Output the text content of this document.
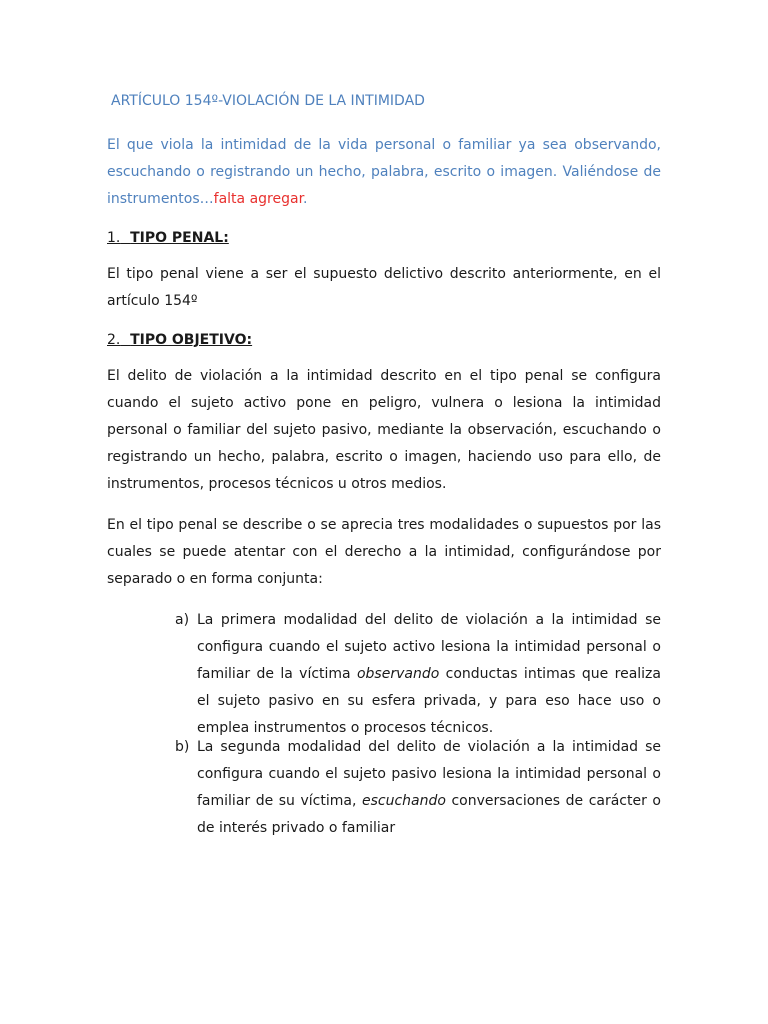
ARTÍCULO 154º-VIOLACIÓN DE LA INTIMIDAD

El que viola la intimidad de la vida personal o familiar ya sea observando, escuchando o registrando un hecho, palabra, escrito o imagen. Valiéndose de instrumentos…falta agregar.

1. TIPO PENAL:

El tipo penal viene a ser el supuesto delictivo descrito anteriormente, en el artículo 154º

2. TIPO OBJETIVO:

El delito de violación a la intimidad descrito en el tipo penal se configura cuando el sujeto activo pone en peligro, vulnera o lesiona la intimidad personal o familiar del sujeto pasivo, mediante la observación, escuchando o registrando un hecho, palabra, escrito o imagen, haciendo uso para ello, de instrumentos, procesos técnicos u otros medios.

En el tipo penal se describe o se aprecia tres modalidades o supuestos por las cuales se puede atentar con el derecho a la intimidad, configurándose por separado o en forma conjunta:

a) La primera modalidad del delito de violación a la intimidad se configura cuando el sujeto activo lesiona la intimidad personal o familiar de la víctima observando conductas intimas que realiza el sujeto pasivo en su esfera privada, y para eso hace uso o emplea instrumentos o procesos técnicos.
b) La segunda modalidad del delito de violación a la intimidad se configura cuando el sujeto pasivo lesiona la intimidad personal o familiar de su víctima, escuchando conversaciones de carácter o de interés privado o familiar
